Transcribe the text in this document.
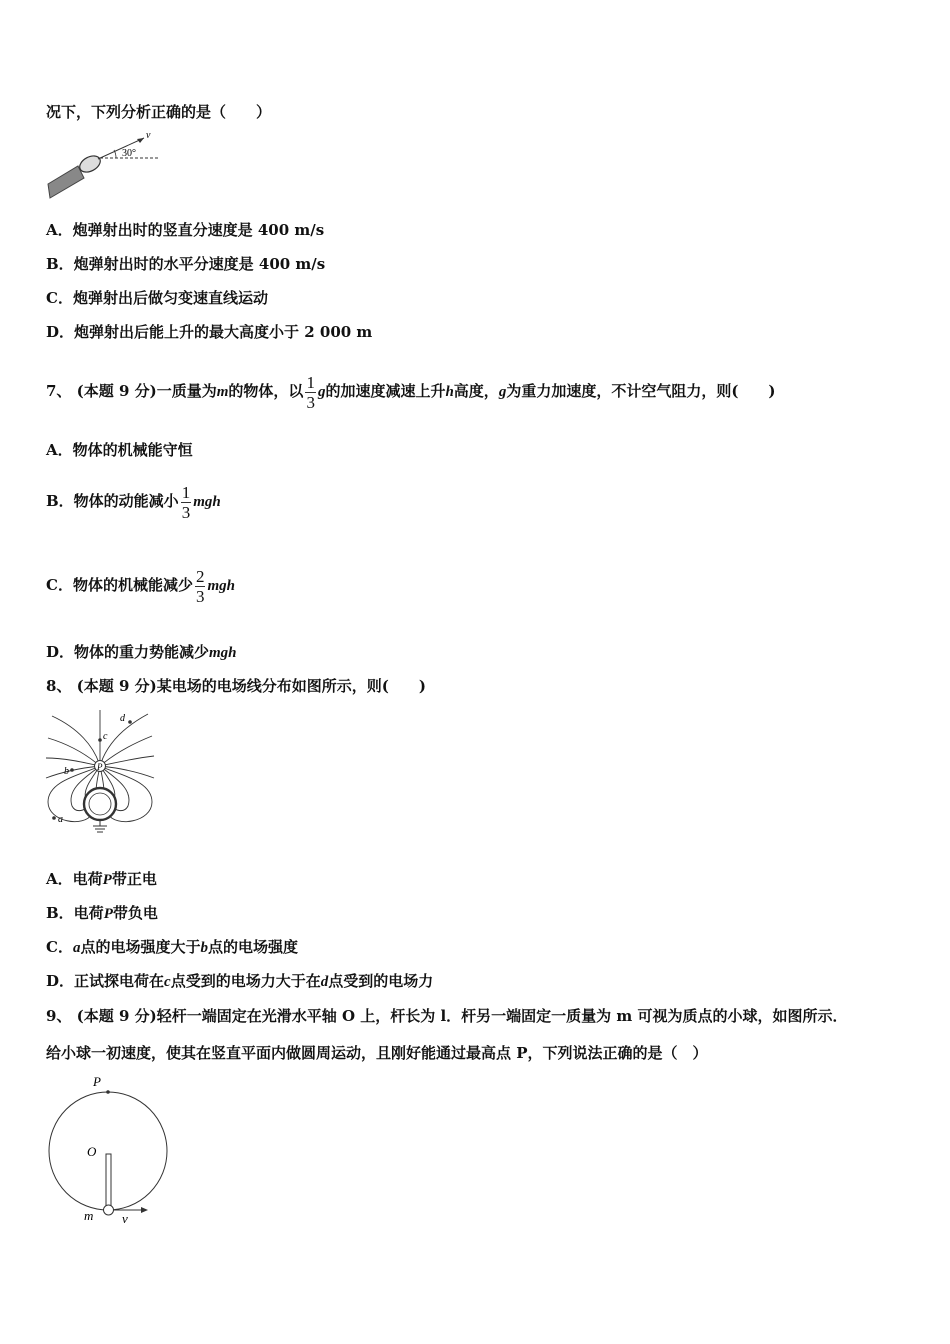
况下，下列分析正确的是（　　）
30°
v
A．炮弹射出时的竖直分速度是 400 m/s
B．炮弹射出时的水平分速度是 400 m/s
C．炮弹射出后做匀变速直线运动
D．炮弹射出后能上升的最大高度小于 2 000 m
7、 (本题 9 分)一质量为m的物体，以 $\frac{1}{3}$ g的加速度减速上升h高度，g为重力加速度，不计空气阻力，则(　　)
A．物体的机械能守恒
B．物体的动能减小 $\frac{1}{3}$ mgh
C．物体的机械能减少 $\frac{2}{3}$ mgh
D．物体的重力势能减少mgh
8、 (本题 9 分)某电场的电场线分布如图所示，则(　　)
P
d
c
b
a
A．电荷P带正电
B．电荷P带负电
C．a点的电场强度大于b点的电场强度
D．正试探电荷在c点受到的电场力大于在d点受到的电场力
9、 (本题 9 分)轻杆一端固定在光滑水平轴 O 上，杆长为 l．杆另一端固定一质量为 m 可视为质点的小球，如图所示．
给小球一初速度，使其在竖直平面内做圆周运动，且刚好能通过最高点 P，下列说法正确的是（　）
P
O
m v
